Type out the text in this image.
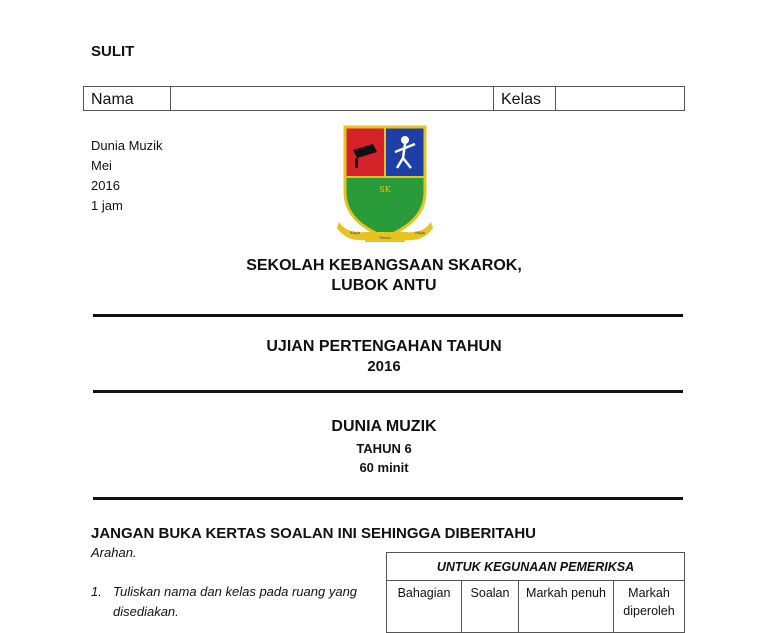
SULIT
Nama	Kelas
Dunia Muzik
Mei
2016
1 jam
SK
Maju
Terus
Maju
SEKOLAH KEBANGSAAN SKAROK,
LUBOK ANTU
UJIAN PERTENGAHAN TAHUN
2016
DUNIA MUZIK
TAHUN 6
60 minit
JANGAN BUKA KERTAS SOALAN INI SEHINGGA DIBERITAHU
Arahan.
1. Tuliskan nama dan kelas pada ruang yang disediakan.
UNTUK KEGUNAAN PEMERIKSA
Bahagian	Soalan	Markah penuh	Markah diperoleh
